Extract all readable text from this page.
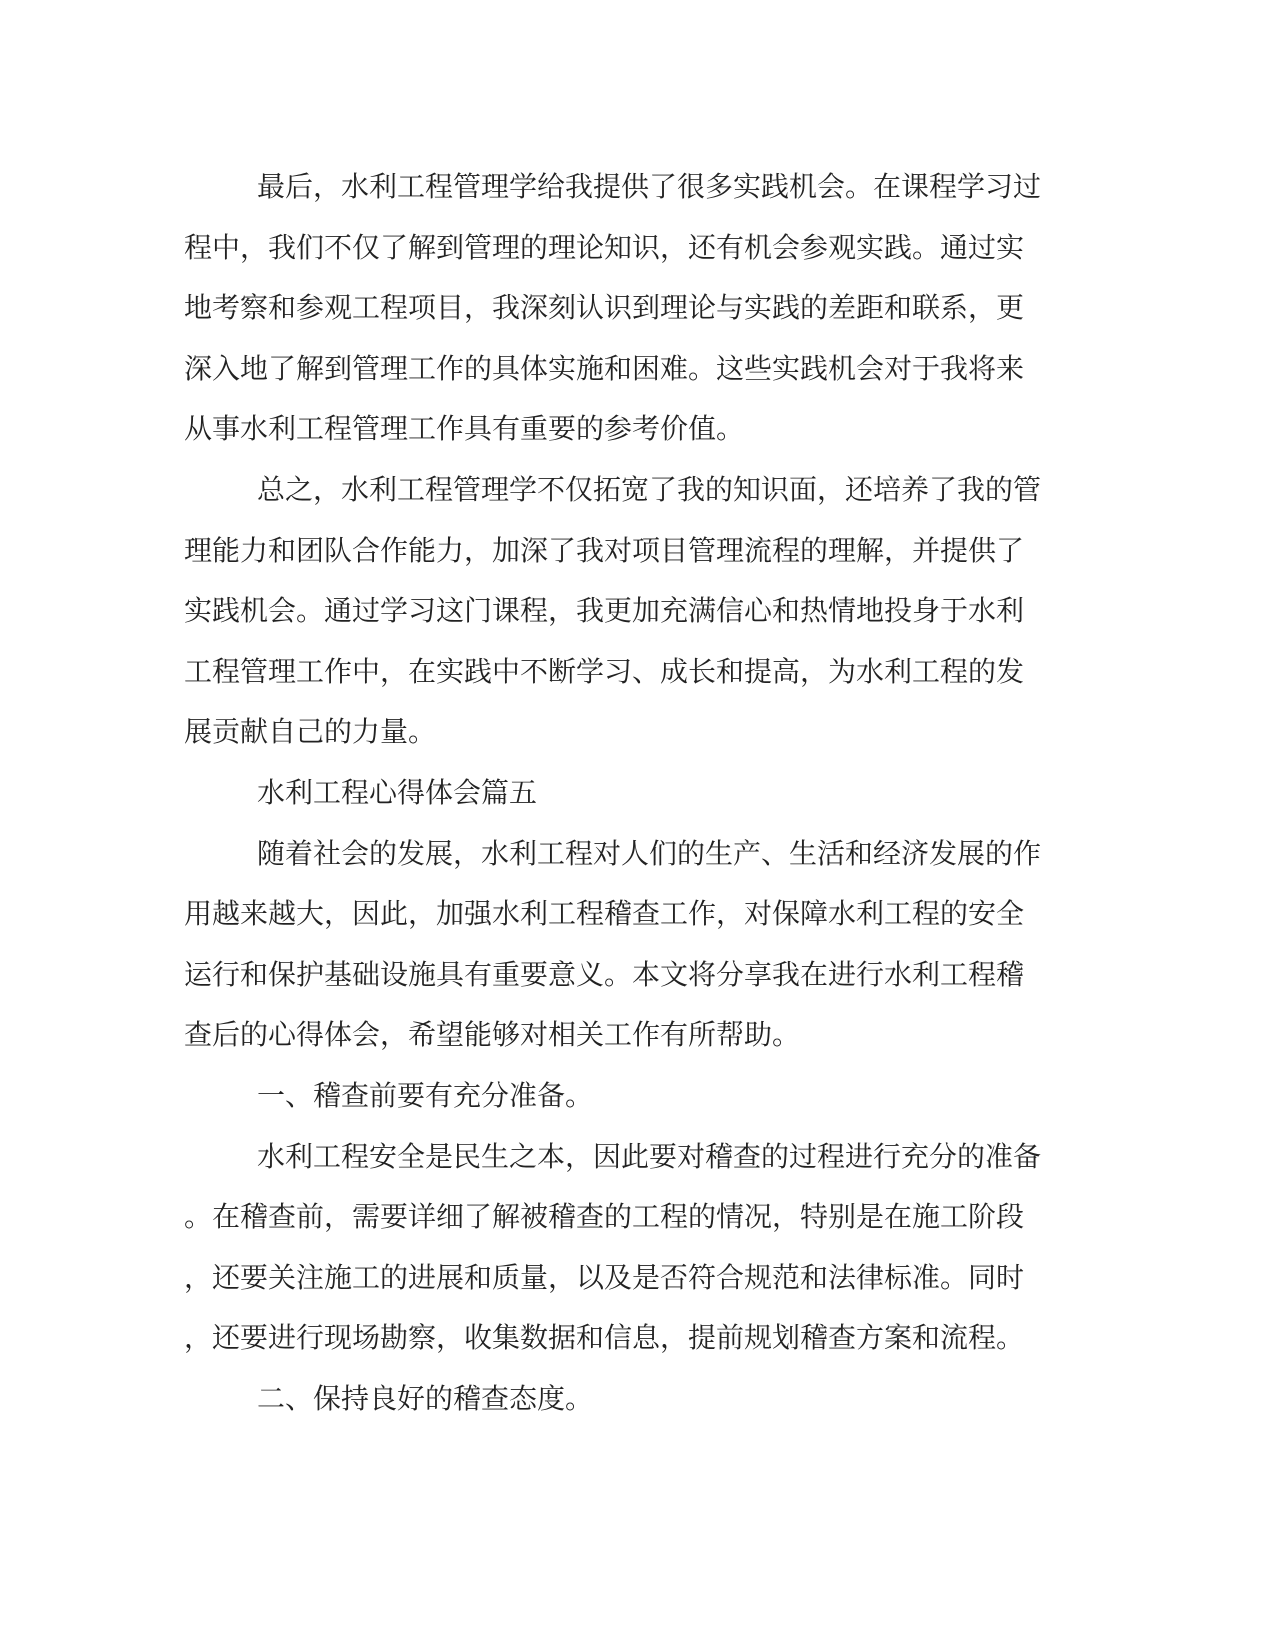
最后，水利工程管理学给我提供了很多实践机会。在课程学习过
程中，我们不仅了解到管理的理论知识，还有机会参观实践。通过实
地考察和参观工程项目，我深刻认识到理论与实践的差距和联系，更
深入地了解到管理工作的具体实施和困难。这些实践机会对于我将来
从事水利工程管理工作具有重要的参考价值。
总之，水利工程管理学不仅拓宽了我的知识面，还培养了我的管
理能力和团队合作能力，加深了我对项目管理流程的理解，并提供了
实践机会。通过学习这门课程，我更加充满信心和热情地投身于水利
工程管理工作中，在实践中不断学习、成长和提高，为水利工程的发
展贡献自己的力量。
水利工程心得体会篇五
随着社会的发展，水利工程对人们的生产、生活和经济发展的作
用越来越大，因此，加强水利工程稽查工作，对保障水利工程的安全
运行和保护基础设施具有重要意义。本文将分享我在进行水利工程稽
查后的心得体会，希望能够对相关工作有所帮助。
一、稽查前要有充分准备。
水利工程安全是民生之本，因此要对稽查的过程进行充分的准备
。在稽查前，需要详细了解被稽查的工程的情况，特别是在施工阶段
，还要关注施工的进展和质量，以及是否符合规范和法律标准。同时
，还要进行现场勘察，收集数据和信息，提前规划稽查方案和流程。
二、保持良好的稽查态度。
